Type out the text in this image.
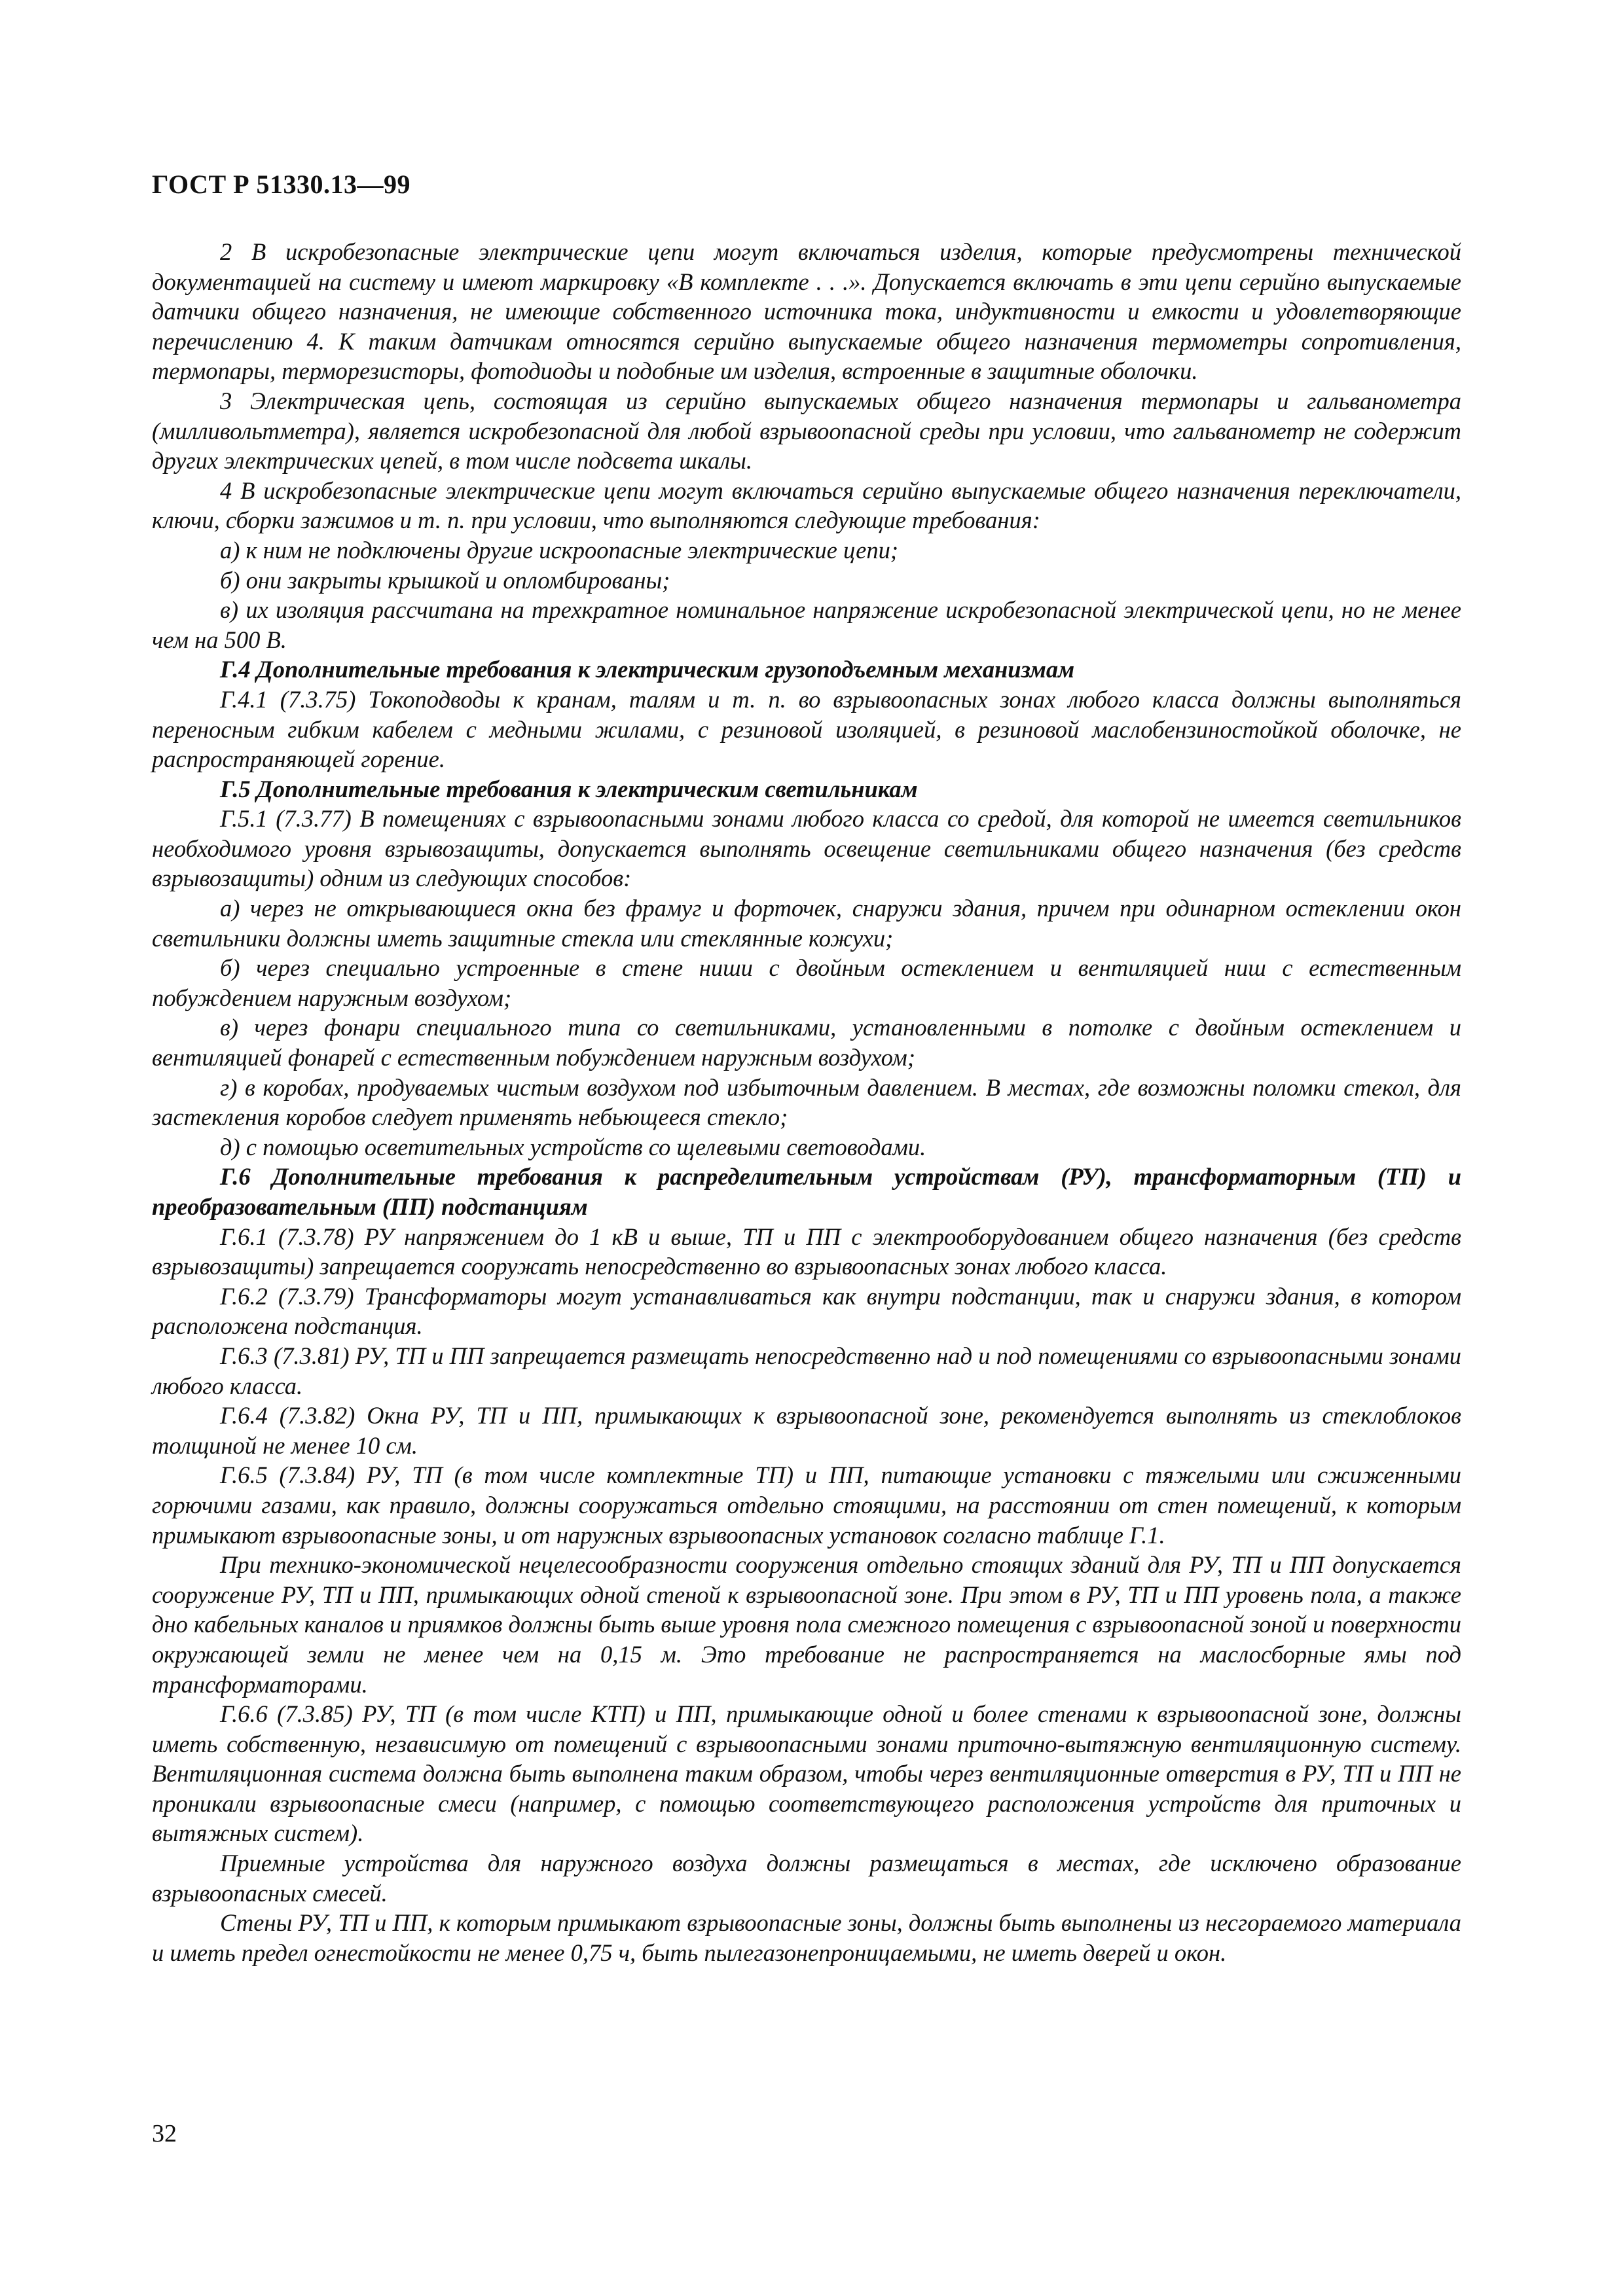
ГОСТ Р 51330.13—99

2 В искробезопасные электрические цепи могут включаться изделия, которые предусмотрены технической документацией на систему и имеют маркировку «В комплекте . . .». Допускается включать в эти цепи серийно выпускаемые датчики общего назначения, не имеющие собственного источника тока, индуктивности и емкости и удовлетворяющие перечислению 4. К таким датчикам относятся серийно выпускаемые общего назначения термометры сопротивления, термопары, терморезисторы, фотодиоды и подобные им изделия, встроенные в защитные оболочки.

3 Электрическая цепь, состоящая из серийно выпускаемых общего назначения термопары и гальванометра (милливольтметра), является искробезопасной для любой взрывоопасной среды при условии, что гальванометр не содержит других электрических цепей, в том числе подсвета шкалы.

4 В искробезопасные электрические цепи могут включаться серийно выпускаемые общего назначения переключатели, ключи, сборки зажимов и т. п. при условии, что выполняются следующие требования:

а) к ним не подключены другие искроопасные электрические цепи;

б) они закрыты крышкой и опломбированы;

в) их изоляция рассчитана на трехкратное номинальное напряжение искробезопасной электрической цепи, но не менее чем на 500 В.

Г.4 Дополнительные требования к электрическим грузоподъемным механизмам

Г.4.1 (7.3.75) Токоподводы к кранам, талям и т. п. во взрывоопасных зонах любого класса должны выполняться переносным гибким кабелем с медными жилами, с резиновой изоляцией, в резиновой маслобензиностойкой оболочке, не распространяющей горение.

Г.5 Дополнительные требования к электрическим светильникам

Г.5.1 (7.3.77) В помещениях с взрывоопасными зонами любого класса со средой, для которой не имеется светильников необходимого уровня взрывозащиты, допускается выполнять освещение светильниками общего назначения (без средств взрывозащиты) одним из следующих способов:

а) через не открывающиеся окна без фрамуг и форточек, снаружи здания, причем при одинарном остеклении окон светильники должны иметь защитные стекла или стеклянные кожухи;

б) через специально устроенные в стене ниши с двойным остеклением и вентиляцией ниш с естественным побуждением наружным воздухом;

в) через фонари специального типа со светильниками, установленными в потолке с двойным остеклением и вентиляцией фонарей с естественным побуждением наружным воздухом;

г) в коробах, продуваемых чистым воздухом под избыточным давлением. В местах, где возможны поломки стекол, для застекления коробов следует применять небьющееся стекло;

д) с помощью осветительных устройств со щелевыми световодами.

Г.6 Дополнительные требования к распределительным устройствам (РУ), трансформаторным (ТП) и преобразовательным (ПП) подстанциям

Г.6.1 (7.3.78) РУ напряжением до 1 кВ и выше, ТП и ПП с электрооборудованием общего назначения (без средств взрывозащиты) запрещается сооружать непосредственно во взрывоопасных зонах любого класса.

Г.6.2 (7.3.79) Трансформаторы могут устанавливаться как внутри подстанции, так и снаружи здания, в котором расположена подстанция.

Г.6.3 (7.3.81) РУ, ТП и ПП запрещается размещать непосредственно над и под помещениями со взрывоопасными зонами любого класса.

Г.6.4 (7.3.82) Окна РУ, ТП и ПП, примыкающих к взрывоопасной зоне, рекомендуется выполнять из стеклоблоков толщиной не менее 10 см.

Г.6.5 (7.3.84) РУ, ТП (в том числе комплектные ТП) и ПП, питающие установки с тяжелыми или сжиженными горючими газами, как правило, должны сооружаться отдельно стоящими, на расстоянии от стен помещений, к которым примыкают взрывоопасные зоны, и от наружных взрывоопасных установок согласно таблице Г.1.

При технико-экономической нецелесообразности сооружения отдельно стоящих зданий для РУ, ТП и ПП допускается сооружение РУ, ТП и ПП, примыкающих одной стеной к взрывоопасной зоне. При этом в РУ, ТП и ПП уровень пола, а также дно кабельных каналов и приямков должны быть выше уровня пола смежного помещения с взрывоопасной зоной и поверхности окружающей земли не менее чем на 0,15 м. Это требование не распространяется на маслосборные ямы под трансформаторами.

Г.6.6 (7.3.85) РУ, ТП (в том числе КТП) и ПП, примыкающие одной и более стенами к взрывоопасной зоне, должны иметь собственную, независимую от помещений с взрывоопасными зонами приточно-вытяжную вентиляционную систему. Вентиляционная система должна быть выполнена таким образом, чтобы через вентиляционные отверстия в РУ, ТП и ПП не проникали взрывоопасные смеси (например, с помощью соответствующего расположения устройств для приточных и вытяжных систем).

Приемные устройства для наружного воздуха должны размещаться в местах, где исключено образование взрывоопасных смесей.

Стены РУ, ТП и ПП, к которым примыкают взрывоопасные зоны, должны быть выполнены из несгораемого материала и иметь предел огнестойкости не менее 0,75 ч, быть пылегазонепроницаемыми, не иметь дверей и окон.

32
